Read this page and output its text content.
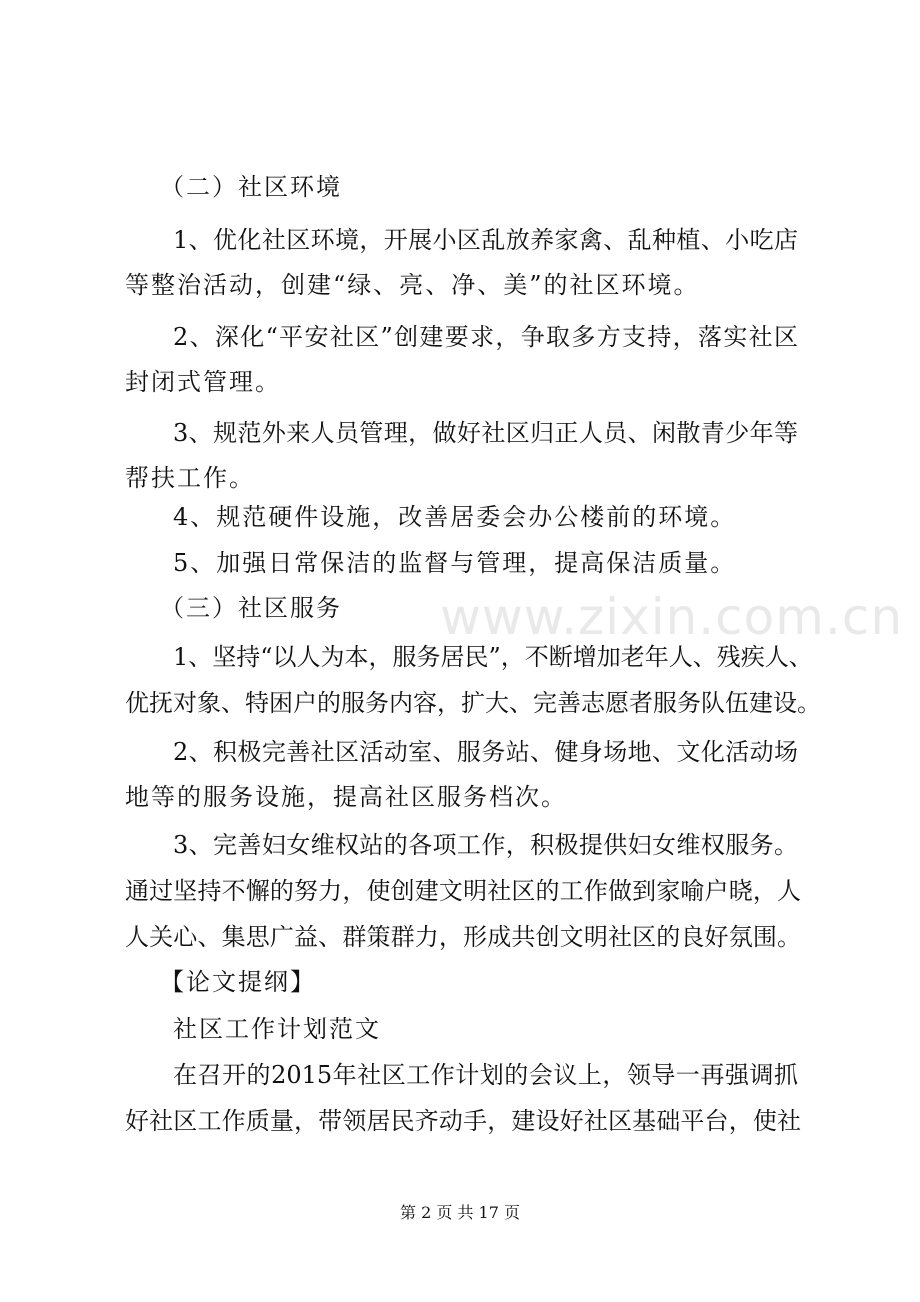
www.zixin.com.cn
（二）社区环境
1、优化社区环境，开展小区乱放养家禽、乱种植、小吃店
等整治活动，创建“绿、亮、净、美”的社区环境。
2、深化“平安社区”创建要求，争取多方支持，落实社区
封闭式管理。
3、规范外来人员管理，做好社区归正人员、闲散青少年等
帮扶工作。
4、规范硬件设施，改善居委会办公楼前的环境。
5、加强日常保洁的监督与管理，提高保洁质量。
（三）社区服务
1、坚持“以人为本，服务居民”，不断增加老年人、残疾人、
优抚对象、特困户的服务内容，扩大、完善志愿者服务队伍建设。
2、积极完善社区活动室、服务站、健身场地、文化活动场
地等的服务设施，提高社区服务档次。
3、完善妇女维权站的各项工作，积极提供妇女维权服务。
通过坚持不懈的努力，使创建文明社区的工作做到家喻户晓，人
人关心、集思广益、群策群力，形成共创文明社区的良好氛围。
【论文提纲】
社区工作计划范文
在召开的2015年社区工作计划的会议上，领导一再强调抓
好社区工作质量，带领居民齐动手，建设好社区基础平台，使社
第 2 页 共 17 页
